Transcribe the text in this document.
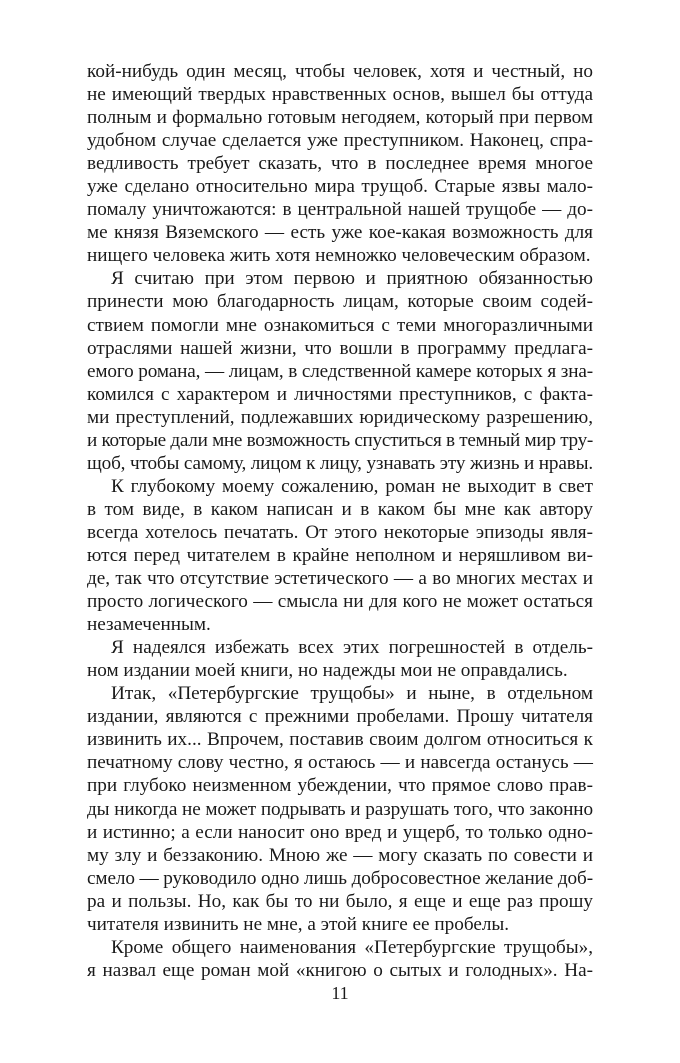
кой-нибудь один месяц, чтобы человек, хотя и честный, но
не имеющий твердых нравственных основ, вышел бы оттуда
полным и формально готовым негодяем, который при первом
удобном случае сделается уже преступником. Наконец, спра-
ведливость требует сказать, что в последнее время многое
уже сделано относительно мира трущоб. Старые язвы мало-
помалу уничтожаются: в центральной нашей трущобе — до-
ме князя Вяземского — есть уже кое-какая возможность для
нищего человека жить хотя немножко человеческим образом.
Я считаю при этом первою и приятною обязанностью
принести мою благодарность лицам, которые своим содей-
ствием помогли мне ознакомиться с теми многоразличными
отраслями нашей жизни, что вошли в программу предлага-
емого романа, — лицам, в следственной камере которых я зна-
комился с характером и личностями преступников, с факта-
ми преступлений, подлежавших юридическому разрешению,
и которые дали мне возможность спуститься в темный мир тру-
щоб, чтобы самому, лицом к лицу, узнавать эту жизнь и нравы.
К глубокому моему сожалению, роман не выходит в свет
в том виде, в каком написан и в каком бы мне как автору
всегда хотелось печатать. От этого некоторые эпизоды явля-
ются перед читателем в крайне неполном и неряшливом ви-
де, так что отсутствие эстетического — а во многих местах и
просто логического — смысла ни для кого не может остаться
незамеченным.
Я надеялся избежать всех этих погрешностей в отдель-
ном издании моей книги, но надежды мои не оправдались.
Итак, «Петербургские трущобы» и ныне, в отдельном
издании, являются с прежними пробелами. Прошу читателя
извинить их... Впрочем, поставив своим долгом относиться к
печатному слову честно, я остаюсь — и навсегда останусь —
при глубоко неизменном убеждении, что прямое слово прав-
ды никогда не может подрывать и разрушать того, что законно
и истинно; а если наносит оно вред и ущерб, то только одно-
му злу и беззаконию. Мною же — могу сказать по совести и
смело — руководило одно лишь добросовестное желание доб-
ра и пользы. Но, как бы то ни было, я еще и еще раз прошу
читателя извинить не мне, а этой книге ее пробелы.
Кроме общего наименования «Петербургские трущобы»,
я назвал еще роман мой «книгою о сытых и голодных». На-
11
